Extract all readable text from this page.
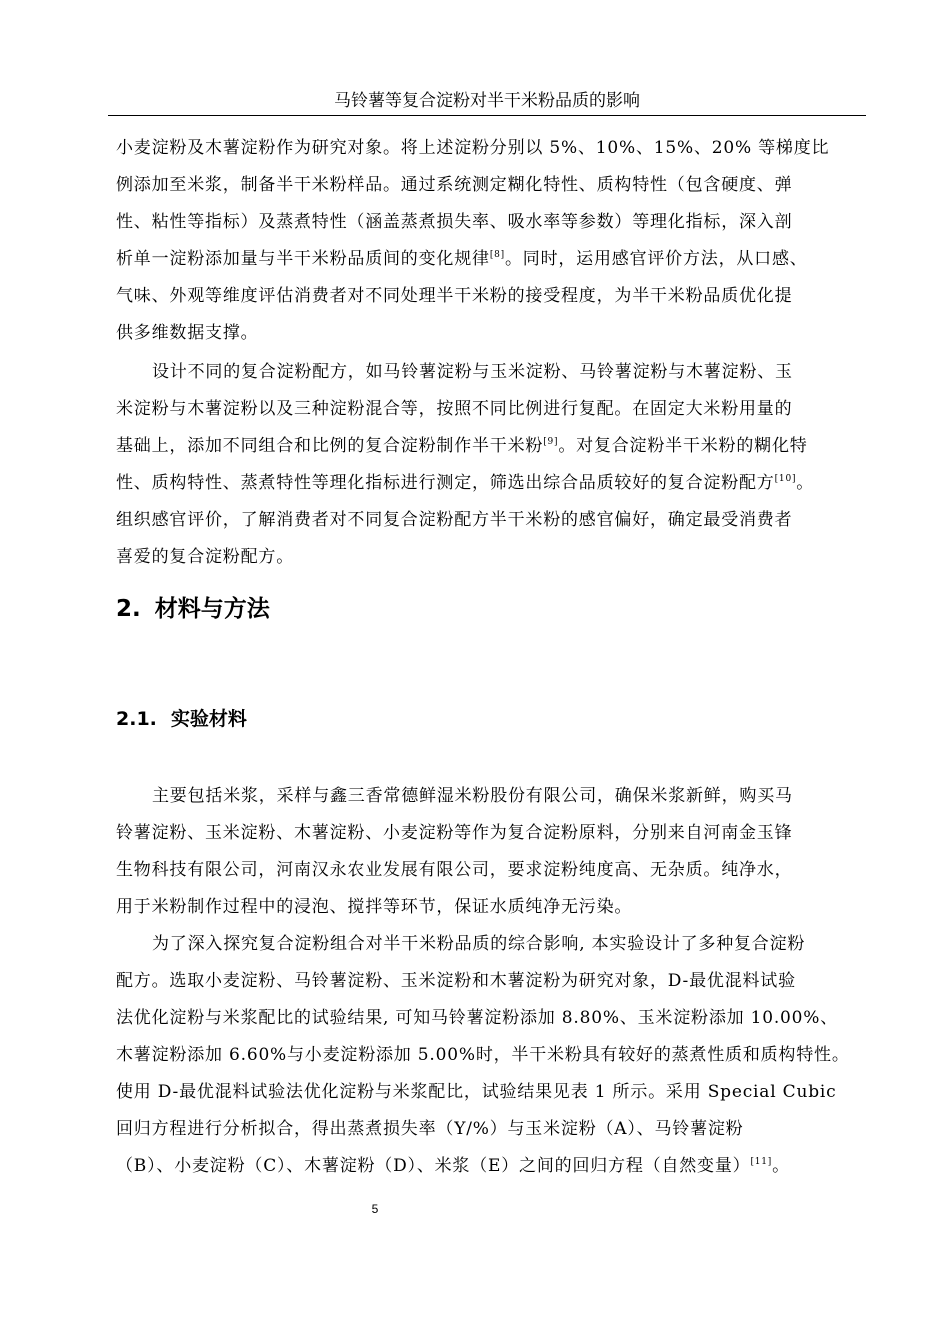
马铃薯等复合淀粉对半干米粉品质的影响
小麦淀粉及木薯淀粉作为研究对象。将上述淀粉分别以 5%、10%、15%、20% 等梯度比
例添加至米浆，制备半干米粉样品。通过系统测定糊化特性、质构特性（包含硬度、弹
性、粘性等指标）及蒸煮特性（涵盖蒸煮损失率、吸水率等参数）等理化指标，深入剖
析单一淀粉添加量与半干米粉品质间的变化规律[8]。同时，运用感官评价方法，从口感、
气味、外观等维度评估消费者对不同处理半干米粉的接受程度，为半干米粉品质优化提
供多维数据支撑。
设计不同的复合淀粉配方，如马铃薯淀粉与玉米淀粉、马铃薯淀粉与木薯淀粉、玉
米淀粉与木薯淀粉以及三种淀粉混合等，按照不同比例进行复配。在固定大米粉用量的
基础上，添加不同组合和比例的复合淀粉制作半干米粉[9]。对复合淀粉半干米粉的糊化特
性、质构特性、蒸煮特性等理化指标进行测定，筛选出综合品质较好的复合淀粉配方[10]。
组织感官评价，了解消费者对不同复合淀粉配方半干米粉的感官偏好，确定最受消费者
喜爱的复合淀粉配方。
2. 材料与方法
2.1. 实验材料
主要包括米浆，采样与鑫三香常德鲜湿米粉股份有限公司，确保米浆新鲜，购买马
铃薯淀粉、玉米淀粉、木薯淀粉、小麦淀粉等作为复合淀粉原料，分别来自河南金玉锋
生物科技有限公司，河南汉永农业发展有限公司，要求淀粉纯度高、无杂质。纯净水，
用于米粉制作过程中的浸泡、搅拌等环节，保证水质纯净无污染。
为了深入探究复合淀粉组合对半干米粉品质的综合影响, 本实验设计了多种复合淀粉
配方。选取小麦淀粉、马铃薯淀粉、玉米淀粉和木薯淀粉为研究对象，D-最优混料试验
法优化淀粉与米浆配比的试验结果, 可知马铃薯淀粉添加 8.80%、玉米淀粉添加 10.00%、
木薯淀粉添加 6.60%与小麦淀粉添加 5.00%时，半干米粉具有较好的蒸煮性质和质构特性。
使用 D-最优混料试验法优化淀粉与米浆配比，试验结果见表 1 所示。采用 Special Cubic
回归方程进行分析拟合，得出蒸煮损失率（Y/%）与玉米淀粉（A）、马铃薯淀粉
（B）、小麦淀粉（C）、木薯淀粉（D）、米浆（E）之间的回归方程（自然变量）[11]。
5
